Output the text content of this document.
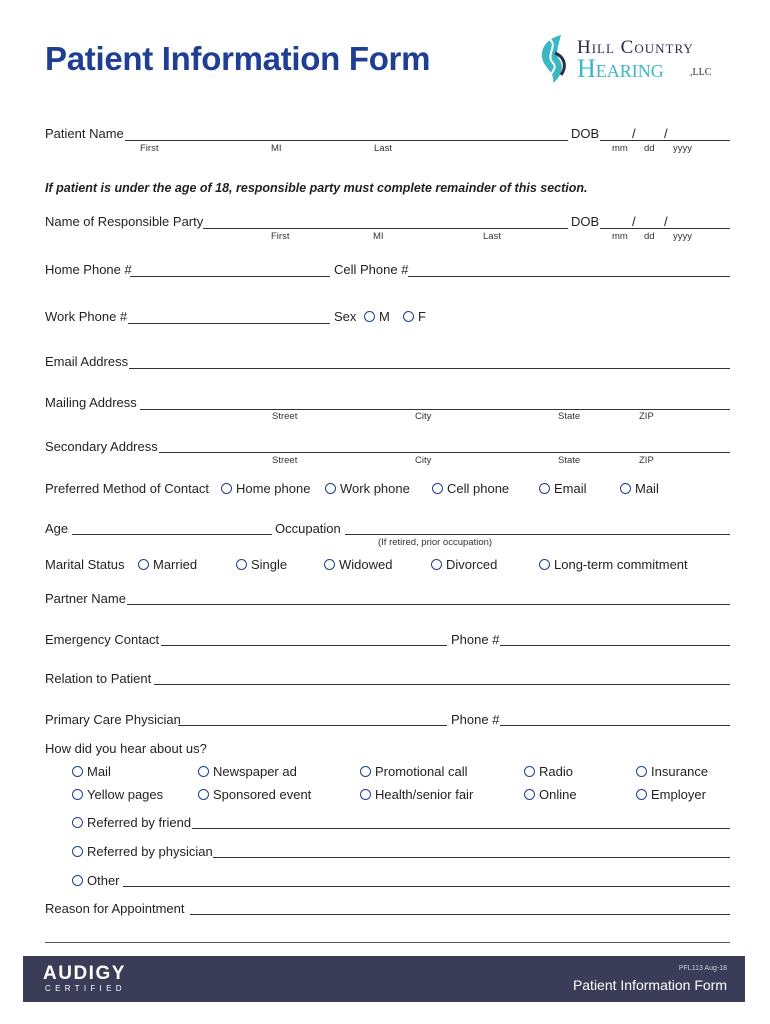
Patient Information Form	Hill Country
Hearing	,LLC
Patient Name
First	MI	Last
DOB	/ /
mm dd yyyy
If patient is under the age of 18, responsible party must complete remainder of this section.
Name of Responsible Party
First	MI	Last
DOB	/ /
mm dd yyyy
Home Phone #	Cell Phone #
Work Phone #	Sex M F
Email Address
Mailing Address
Street	City	State	ZIP
Secondary Address
Street	City	State	ZIP
Preferred Method of Contact Home phone Work phone	Cell phone	Email	Mail
Age	Occupation
(If retired, prior occupation)
Marital Status Married	Single	Widowed	Divorced	Long-term commitment
Partner Name
Emergency Contact	Phone #
Relation to Patient
Primary Care Physician	Phone #
How did you hear about us?
Mail	Newspaper ad	Promotional call	Radio	Insurance
Yellow pages	Sponsored event	Health/senior fair	Online	Employer
Referred by friend
Referred by physician
Other
Reason for Appointment
AUDIGY
CERTIFIED
PFL113 Aug-18
Patient Information Form
